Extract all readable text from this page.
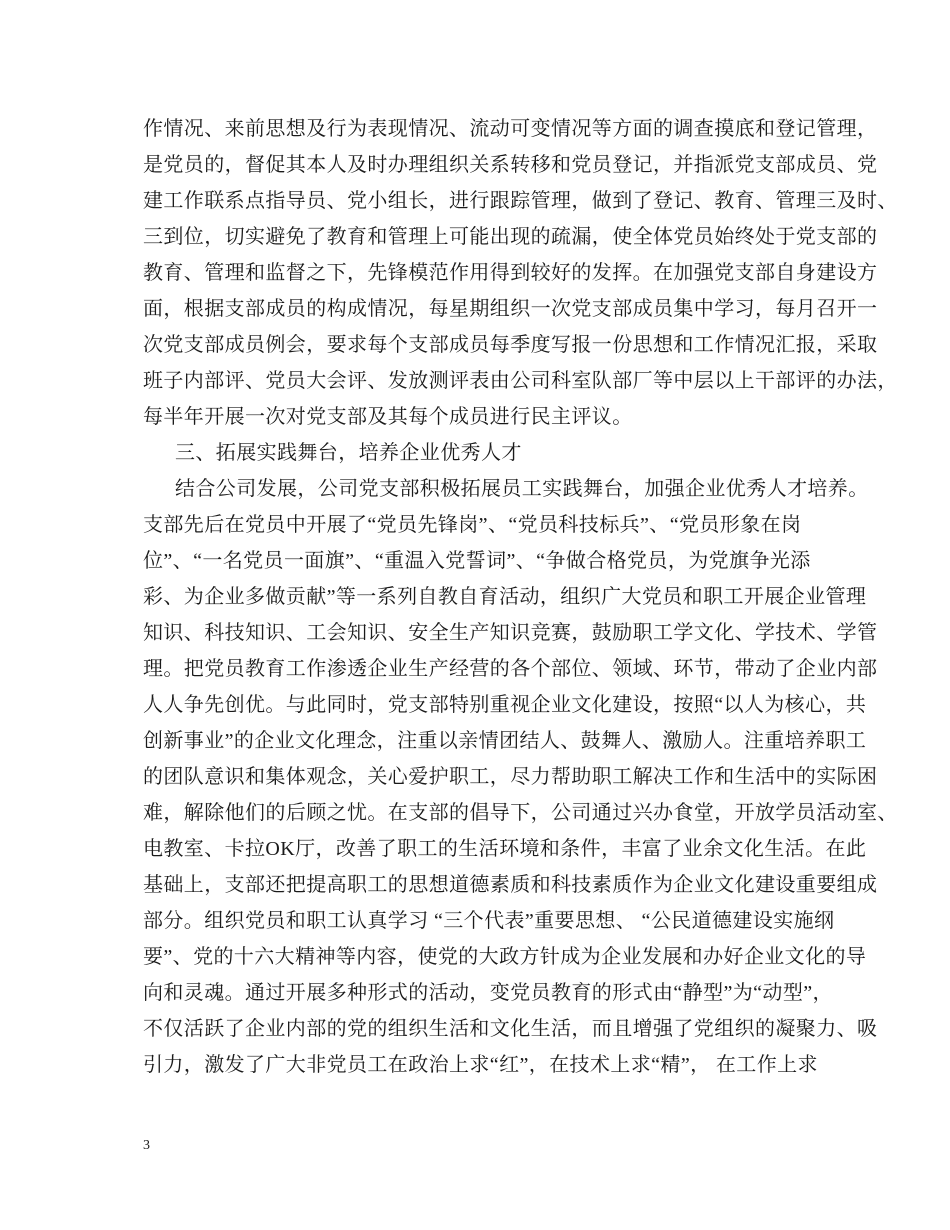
作情况、来前思想及行为表现情况、流动可变情况等方面的调查摸底和登记管理，
是党员的，督促其本人及时办理组织关系转移和党员登记，并指派党支部成员、党
建工作联系点指导员、党小组长，进行跟踪管理，做到了登记、教育、管理三及时、
三到位，切实避免了教育和管理上可能出现的疏漏，使全体党员始终处于党支部的
教育、管理和监督之下，先锋模范作用得到较好的发挥。在加强党支部自身建设方
面，根据支部成员的构成情况，每星期组织一次党支部成员集中学习，每月召开一
次党支部成员例会，要求每个支部成员每季度写报一份思想和工作情况汇报，采取
班子内部评、党员大会评、发放测评表由公司科室队部厂等中层以上干部评的办法，
每半年开展一次对党支部及其每个成员进行民主评议。
三、拓展实践舞台，培养企业优秀人才
结合公司发展，公司党支部积极拓展员工实践舞台，加强企业优秀人才培养。
支部先后在党员中开展了“党员先锋岗”、“党员科技标兵”、“党员形象在岗
位”、“一名党员一面旗”、“重温入党誓词”、“争做合格党员，为党旗争光添
彩、为企业多做贡献”等一系列自教自育活动，组织广大党员和职工开展企业管理
知识、科技知识、工会知识、安全生产知识竞赛，鼓励职工学文化、学技术、学管
理。把党员教育工作渗透企业生产经营的各个部位、领域、环节，带动了企业内部
人人争先创优。与此同时，党支部特别重视企业文化建设，按照“以人为核心，共
创新事业”的企业文化理念，注重以亲情团结人、鼓舞人、激励人。注重培养职工
的团队意识和集体观念，关心爱护职工，尽力帮助职工解决工作和生活中的实际困
难，解除他们的后顾之忧。在支部的倡导下，公司通过兴办食堂，开放学员活动室、
电教室、卡拉OK厅，改善了职工的生活环境和条件，丰富了业余文化生活。在此
基础上，支部还把提高职工的思想道德素质和科技素质作为企业文化建设重要组成
部分。组织党员和职工认真学习 “三个代表”重要思想、 “公民道德建设实施纲
要”、党的十六大精神等内容，使党的大政方针成为企业发展和办好企业文化的导
向和灵魂。通过开展多种形式的活动，变党员教育的形式由“静型”为“动型”，
不仅活跃了企业内部的党的组织生活和文化生活，而且增强了党组织的凝聚力、吸
引力，激发了广大非党员工在政治上求“红”，在技术上求“精”， 在工作上求
3
